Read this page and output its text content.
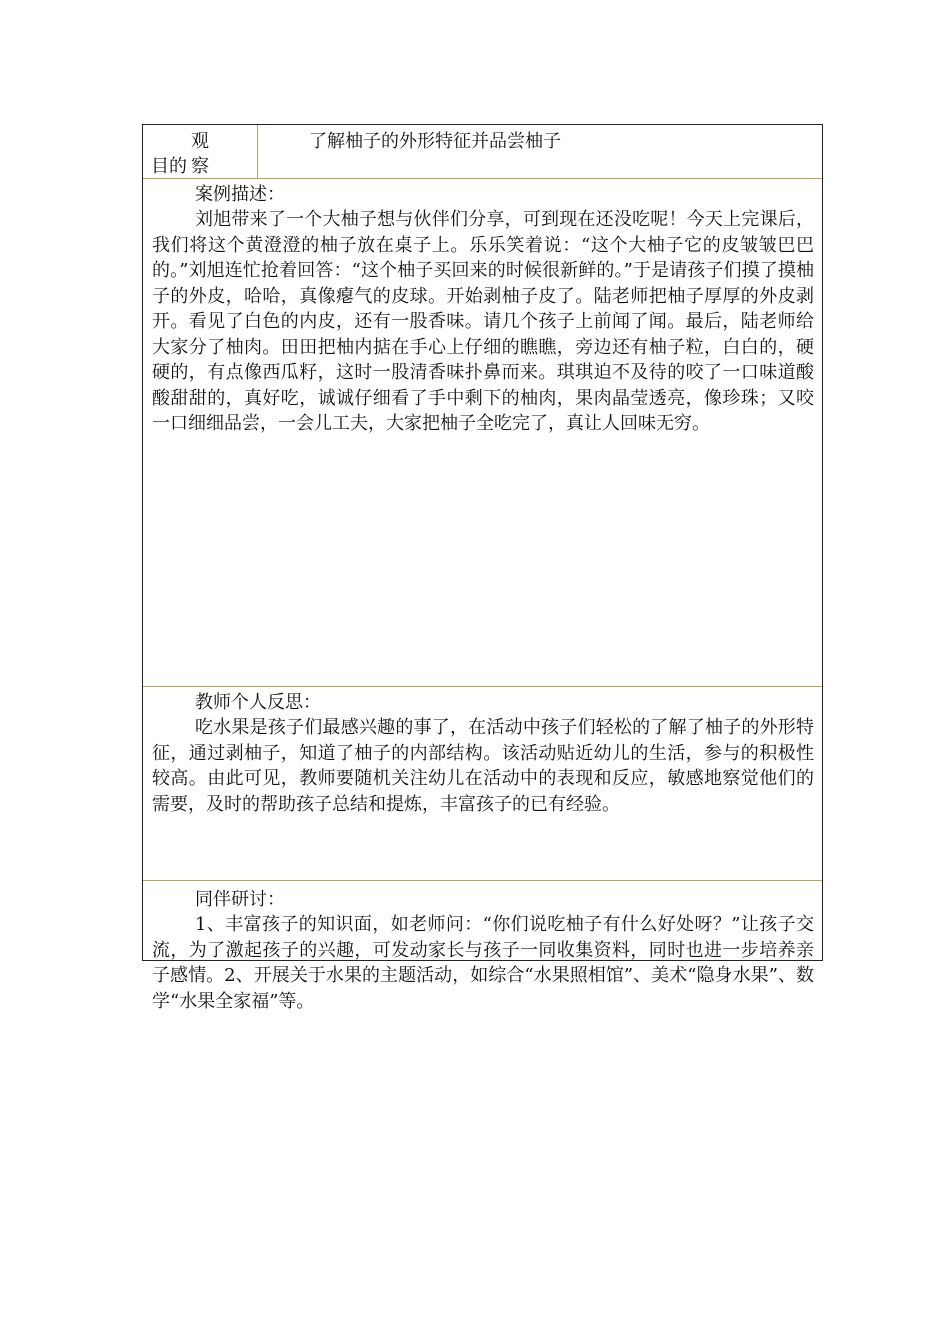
观察
目的
了解柚子的外形特征并品尝柚子
案例描述：

刘旭带来了一个大柚子想与伙伴们分享，可到现在还没吃呢！今天上完课后，我们将这个黄澄澄的柚子放在桌子上。乐乐笑着说：“这个大柚子它的皮皱皱巴巴的。”刘旭连忙抢着回答：“这个柚子买回来的时候很新鲜的。”于是请孩子们摸了摸柚子的外皮，哈哈，真像瘪气的皮球。开始剥柚子皮了。陆老师把柚子厚厚的外皮剥开。看见了白色的内皮，还有一股香味。请几个孩子上前闻了闻。最后，陆老师给大家分了柚肉。田田把柚内掂在手心上仔细的瞧瞧，旁边还有柚子粒，白白的，硬硬的，有点像西瓜籽，这时一股清香味扑鼻而来。琪琪迫不及待的咬了一口味道酸酸甜甜的，真好吃，诚诚仔细看了手中剩下的柚肉，果肉晶莹透亮，像珍珠；又咬一口细细品尝，一会儿工夫，大家把柚子全吃完了，真让人回味无穷。

教师个人反思：

吃水果是孩子们最感兴趣的事了，在活动中孩子们轻松的了解了柚子的外形特征，通过剥柚子，知道了柚子的内部结构。该活动贴近幼儿的生活，参与的积极性较高。由此可见，教师要随机关注幼儿在活动中的表现和反应，敏感地察觉他们的需要，及时的帮助孩子总结和提炼，丰富孩子的已有经验。

同伴研讨：

1、丰富孩子的知识面，如老师问：“你们说吃柚子有什么好处呀？”让孩子交流，为了激起孩子的兴趣，可发动家长与孩子一同收集资料，同时也进一步培养亲子感情。2、开展关于水果的主题活动，如综合“水果照相馆”、美术“隐身水果”、数学“水果全家福”等。
